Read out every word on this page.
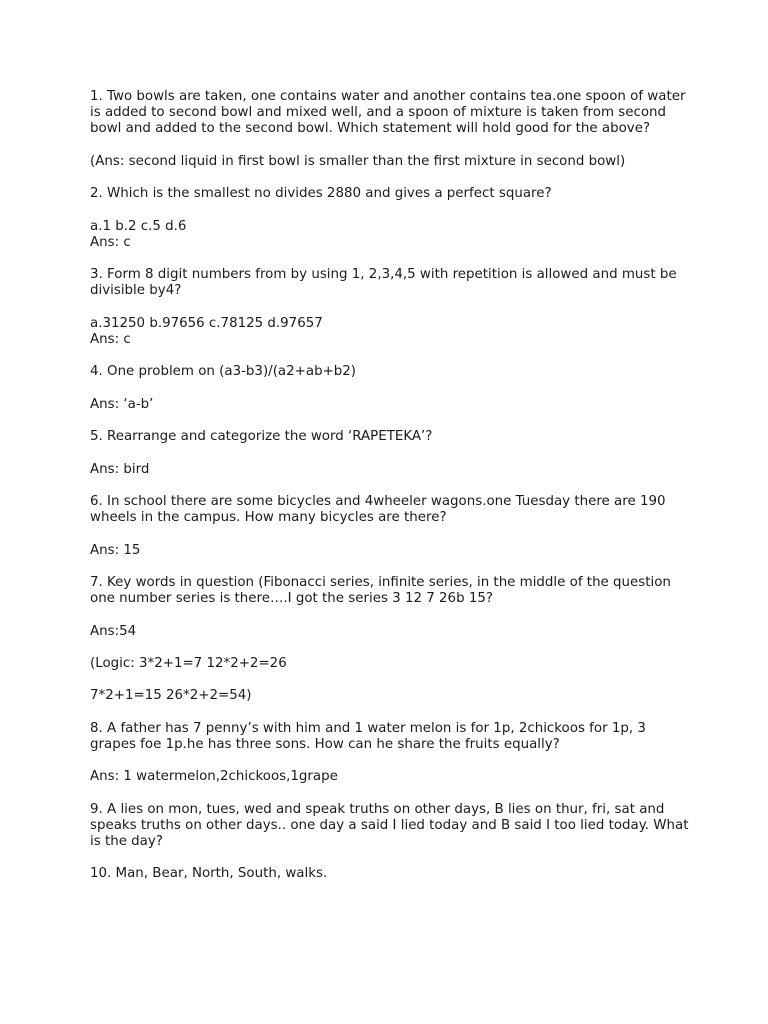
1. Two bowls are taken, one contains water and another contains tea.one spoon of water is added to second bowl and mixed well, and a spoon of mixture is taken from second bowl and added to the second bowl. Which statement will hold good for the above?

(Ans: second liquid in first bowl is smaller than the first mixture in second bowl)

2. Which is the smallest no divides 2880 and gives a perfect square?

a.1 b.2 c.5 d.6
Ans: c

3. Form 8 digit numbers from by using 1, 2,3,4,5 with repetition is allowed and must be divisible by4?

a.31250 b.97656 c.78125 d.97657
Ans: c

4. One problem on (a3-b3)/(a2+ab+b2)

Ans: ‘a-b’

5. Rearrange and categorize the word ‘RAPETEKA’?

Ans: bird

6. In school there are some bicycles and 4wheeler wagons.one Tuesday there are 190 wheels in the campus. How many bicycles are there?

Ans: 15

7. Key words in question (Fibonacci series, infinite series, in the middle of the question one number series is there….I got the series 3 12 7 26b 15?

Ans:54

(Logic: 3*2+1=7 12*2+2=26

7*2+1=15 26*2+2=54)

8. A father has 7 penny’s with him and 1 water melon is for 1p, 2chickoos for 1p, 3 grapes foe 1p.he has three sons. How can he share the fruits equally?

Ans: 1 watermelon,2chickoos,1grape

9. A lies on mon, tues, wed and speak truths on other days, B lies on thur, fri, sat and speaks truths on other days.. one day a said I lied today and B said I too lied today. What is the day?

10. Man, Bear, North, South, walks.
